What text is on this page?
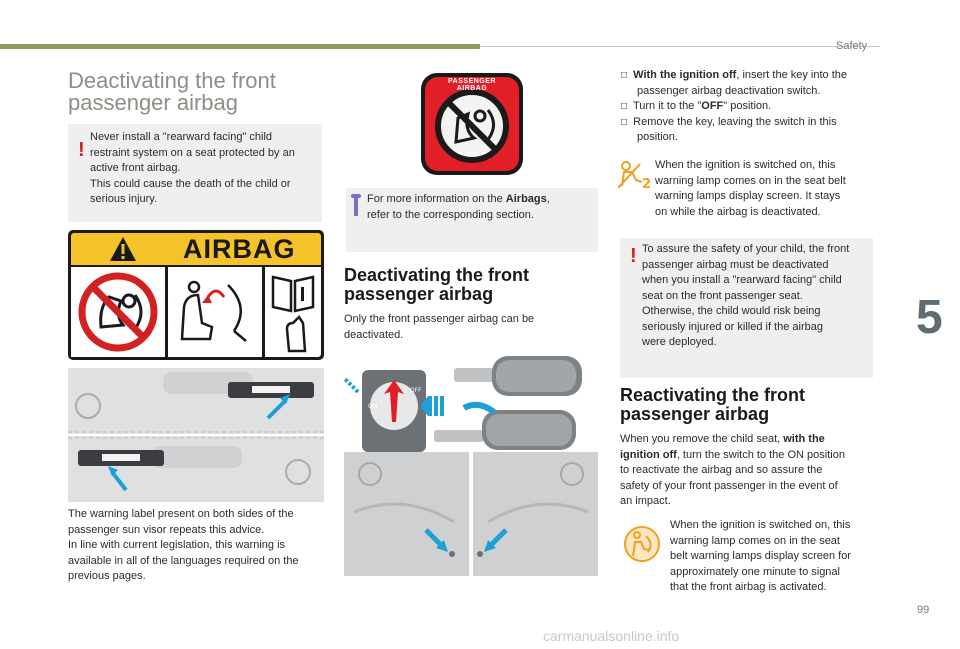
Safety
Deactivating the front
passenger airbag
!
Never install a "rearward facing" child
restraint system on a seat protected by an
active front airbag.
This could cause the death of the child or
serious injury.
AIRBAG
The warning label present on both sides of the
passenger sun visor repeats this advice.
In line with current legislation, this warning is
available in all of the languages required on the
previous pages.
PASSENGER AIRBAG
For more information on the Airbags,
refer to the corresponding section.
Deactivating the front
passenger airbag
Only the front passenger airbag can be
deactivated.
ON
OFF
□ With the ignition off, insert the key into the
passenger airbag deactivation switch.
□ Turn it to the "OFF" position.
□ Remove the key, leaving the switch in this
position.
2
When the ignition is switched on, this
warning lamp comes on in the seat belt
warning lamps display screen. It stays
on while the airbag is deactivated.
! To assure the safety of your child, the front
passenger airbag must be deactivated
when you install a "rearward facing" child
seat on the front passenger seat.
Otherwise, the child would risk being
seriously injured or killed if the airbag
were deployed.
Reactivating the front
passenger airbag
When you remove the child seat, with the
ignition off, turn the switch to the ON position
to reactivate the airbag and so assure the
safety of your front passenger in the event of
an impact.
When the ignition is switched on, this
warning lamp comes on in the seat
belt warning lamps display screen for
approximately one minute to signal
that the front airbag is activated.
5
99
carmanualsonline.info
